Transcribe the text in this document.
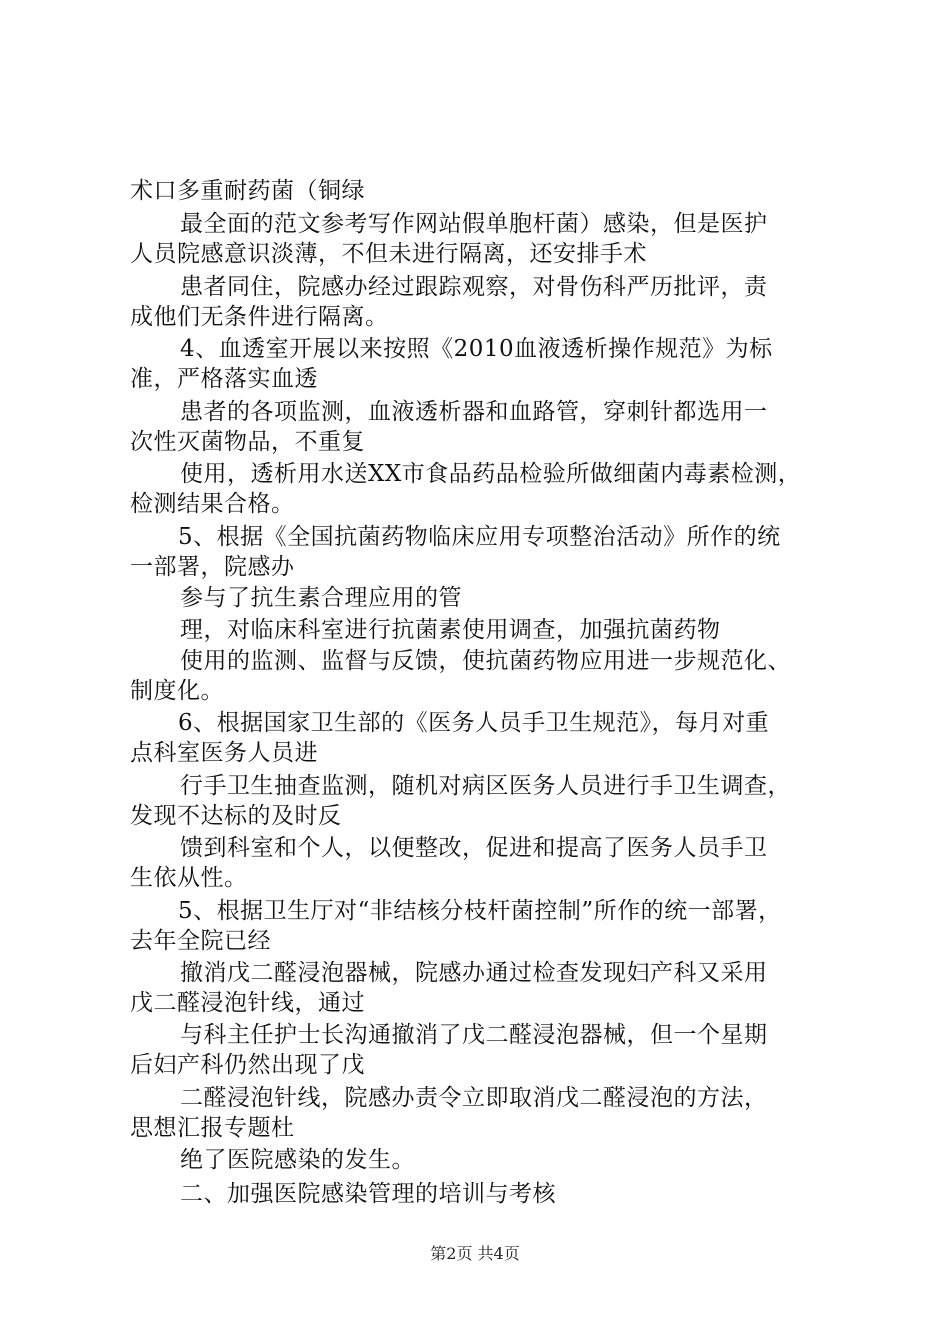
术口多重耐药菌（铜绿
最全面的范文参考写作网站假单胞杆菌）感染，但是医护
人员院感意识淡薄，不但未进行隔离，还安排手术
患者同住，院感办经过跟踪观察，对骨伤科严历批评，责
成他们无条件进行隔离。
4、血透室开展以来按照《2010血液透析操作规范》为标
准，严格落实血透
患者的各项监测，血液透析器和血路管，穿刺针都选用一
次性灭菌物品，不重复
使用，透析用水送XX市食品药品检验所做细菌内毒素检测，
检测结果合格。
5、根据《全国抗菌药物临床应用专项整治活动》所作的统
一部署，院感办
参与了抗生素合理应用的管
理，对临床科室进行抗菌素使用调查，加强抗菌药物
使用的监测、监督与反馈，使抗菌药物应用进一步规范化、
制度化。
6、根据国家卫生部的《医务人员手卫生规范》，每月对重
点科室医务人员进
行手卫生抽查监测，随机对病区医务人员进行手卫生调查，
发现不达标的及时反
馈到科室和个人，以便整改，促进和提高了医务人员手卫
生依从性。
5、根据卫生厅对“非结核分枝杆菌控制”所作的统一部署，
去年全院已经
撤消戊二醛浸泡器械，院感办通过检查发现妇产科又采用
戊二醛浸泡针线，通过
与科主任护士长沟通撤消了戊二醛浸泡器械，但一个星期
后妇产科仍然出现了戊
二醛浸泡针线，院感办责令立即取消戊二醛浸泡的方法，
思想汇报专题杜
绝了医院感染的发生。
二、加强医院感染管理的培训与考核
第2页 共4页
